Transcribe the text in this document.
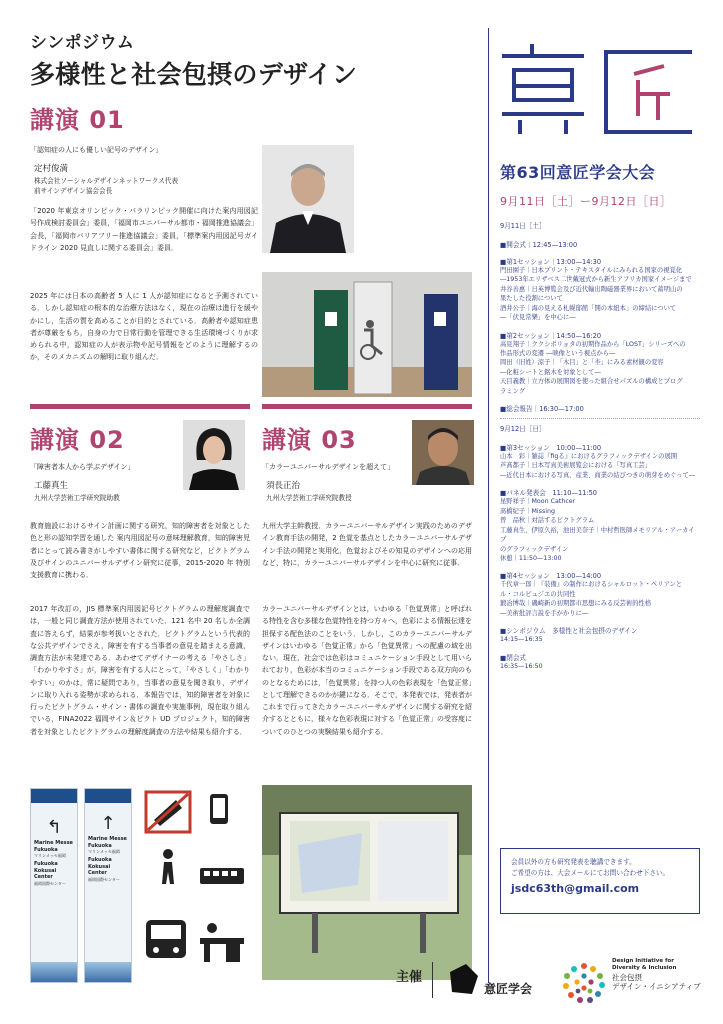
シンポジウム
多様性と社会包摂のデザイン
講演 01
「認知症の人にも優しい記号のデザイン」
定村俊満
株式会社ソーシャルデザインネットワークス代表
前サインデザイン協会会長
「2020 年東京オリンピック・パラリンピック開催に向けた案内用図記号作成検討委員会」委員，「福岡市ユニバーサル都市・福岡推進協議会」会長，「福岡市バリアフリー推進協議会」委員，「標準案内用図記号ガイドライン 2020 見直しに関する委員会」委員．
2025 年には日本の高齢者 5 人に 1 人が認知症になると予測されている．しかし認知症の根本的な治療方法はなく，現在の治療は進行を緩やかにし，生活の質を高めることが目的とされている．高齢者や認知症患者が尊厳をもち，自身の力で日常行動を管理できる生活環境づくりが求められる中，認知症の人が表示物や記号情報をどのように理解するのか，そのメカニズムの解明に取り組んだ．
講演 02
「障害者本人から学ぶデザイン」
工藤真生
九州大学芸術工学研究院助教
教育施設におけるサイン計画に関する研究，知的障害者を対象とした色と形の認知学習を通した 案内用図記号の意味理解教育，知的障害児者にとって読み書きがしやすい書体に関する研究など，ピクトグラム及びサインのユニバーサルデザイン研究に従事，2015-2020 年 特別支援教育に携わる．
2017 年改訂の，JIS 標準案内用図記号ピクトグラムの理解度調査では，一般と同じ調査方法が使用されていた．121 名中 20 名しか全調査に答えらず，結果が参考扱いとされた．ピクトグラムという代表的な公共デザインでさえ，障害を有する当事者の意見を踏まえる意識，調査方法が未発達である．あわせてデザイナーの考える「やさしさ」「わかりやすさ」が，障害を有する人にとって，「やさしく」「わかりやすい」のかは，常に疑問であり，当事者の意見を聞き取り，デザインに取り入れる姿勢が求められる．本報告では，知的障害者を対象に行ったピクトグラム・サイン・書体の調査や実施事例，現在取り組んでいる，FINA2022 福岡サイン＆ピクト UD プロジェクト，知的障害者を対象としたピクトグラムの理解度調査の方法や結果も紹介する．
講演 03
「カラーユニバーサルデザインを超えて」
須長正治
九州大学芸術工学研究院教授
九州大学主幹教授．カラーユニバーサルデザイン実践のためのデザイン教育手法の開発，2 色覚を基点としたカラーユニバーサルデザイン手法の開発と実用化，色覚およびその知見のデザインへの応用など，特に，カラーユニバーサルデザインを中心に研究に従事．
カラーユニバーサルデザインとは，いわゆる「色覚異常」と呼ばれる特性を含む多様な色覚特性を持つ方々へ，色彩による情報伝達を担保する配色法のことをいう．しかし，このカラーユニバーサルデザインはいわゆる「色覚正常」から「色覚異常」への配慮の域を出ない．現在，社会では色彩はコミュニケーション手段として用いられており，色彩が本当のコミュニケーション手段である双方向のものとなるためには，「色覚異常」を持つ人の色彩表現を「色覚正常」として理解できるのかが鍵になる．そこで，本発表では，発表者がこれまで行ってきたカラーユニバーサルデザインに関する研究を紹介するとともに，様々な色彩表現に対する「色覚正常」の受容度についてのひとつの実験結果も紹介する．
↰
Marine Messe
Fukuoka
マリンメッセ福岡
Fukuoka
Kokusai Center
福岡国際センター
↑
Marine Messe
Fukuoka
マリンメッセ福岡
Fukuoka
Kokusai Center
福岡国際センター
第63回意匠学会大会
9月11日［土］ー9月12日［日］
9月11日［土］
■開会式｜12:45—13:00
■第1セッション｜13:00—14:30
門田園子｜日本プリント・テキスタイルにみられる国家の視覚化
―1953年エリザベス二世戴冠式から新生アフリカ国家イメージまで
井谷善惠｜日英博覧会及び近代輸出陶磁器業界において蓄明山の
果たした役割について
酒井公子｜海の見える札幌邸館「開の本紐本」の締結について
―「伏見常樂」を中心に―
■第2セッション｜14:50—16:20
高見翔子｜ククシポリョタの初期作品から「LOST」シリーズへの
作品形式の変遷 ―映像という視点から―
岡田（旧姓）涼子｜「木目」と「杢」にみる素材観の変容
―化粧シートと銘木を対象として―
天目義教｜立方体の展開図を使った組合せパズルの構成とプログ
ラミング
■総会報告｜16:30—17:00
9月12日［日］
■第3セッション　10:00—11:00
山本　彩｜雑誌『figる』におけるグラフィックデザインの展開
芦髙都子｜日本写真美術展覧会における「写真工芸」
―近代日本における写真、産業、商業の結びつきの萌芽をめぐって―
■パネル発表会　11:10—11:50
星野祥子｜Moon Cathcer
髙橋紀子｜Missing
曽　品秋｜対話するピクトグラム
工藤真生，伊原久裕，池田美奈子｜中村哲医師メモリアル・アーカイブ
のグラフィックデザイン
休憩｜11:50—13:00
■第4セッション　13:00—14:00
千代章一郎｜『装備』の制作におけるシャルロット・ペリアンと
ル・コルビュジエの共同性
鍛冶博哉｜磯崎新の初期都市思想にみる反芸術的性格
―美術批評言説を手がかりに―
■シンポジウム　多様性と社会包摂のデザイン
14:15—16:35
■閉会式
16:35—16:50
会員以外の方も研究発表を聴講できます。
ご希望の方は、大会メールにてお問い合わせ下さい。
jsdc63th@gmail.com
主催
意匠学会
Design Initiative for
Diversity & Inclusion
社会包摂
デザイン・イニシアティブ
